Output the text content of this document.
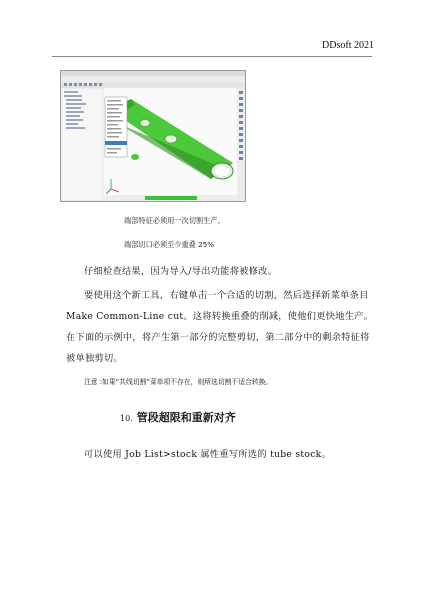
DDsoft 2021
端部特征必须用一次切割生产。
端部切口必须至少重叠 25%
仔细检查结果，因为导入/导出功能将被修改。
要使用这个新工具，右键单击一个合适的切割，然后选择新菜单条目 Make Common-Line cut。这将转换重叠的削减，使他们更快地生产。在下面的示例中，将产生第一部分的完整剪切，第二部分中的剩余特征将被单独剪切。
注意 :如果“共线切割”菜单项不存在，则所选切割不适合转换。
10. 管段超限和重新对齐
可以使用 Job List>stock 属性重写所选的 tube stock。
